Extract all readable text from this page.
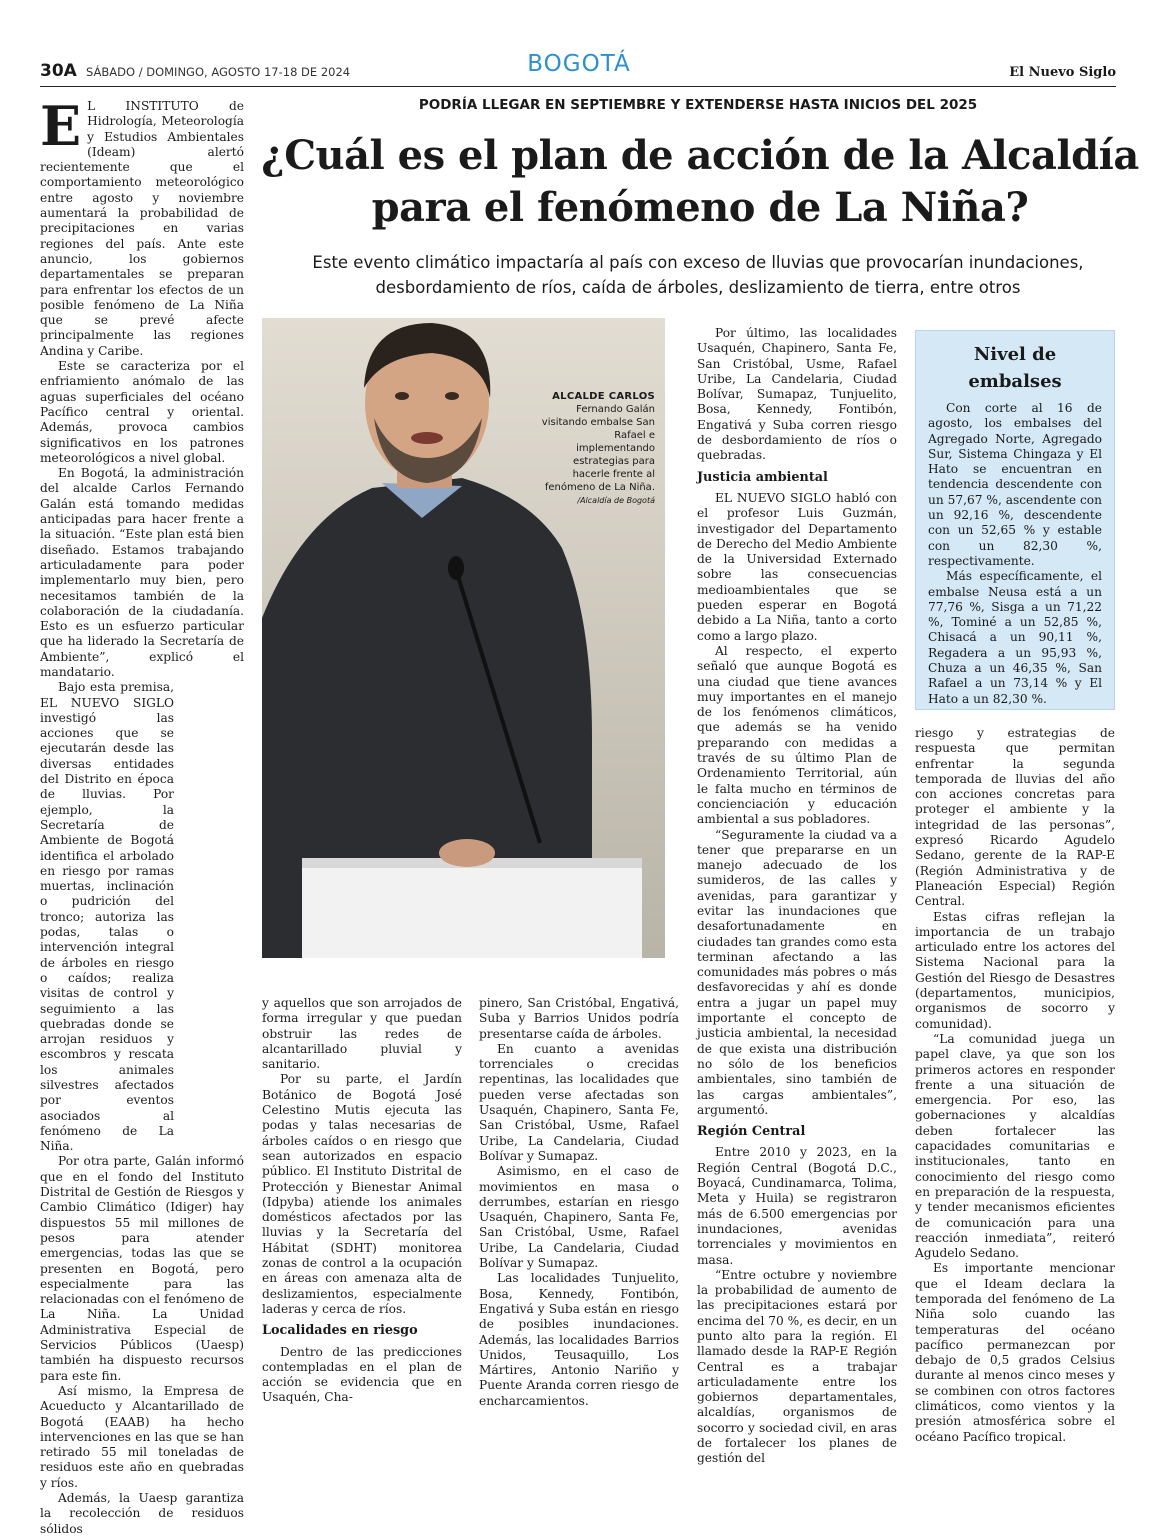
30A SÁBADO / DOMINGO, AGOSTO 17-18 DE 2024	BOGOTÁ	El Nuevo Siglo
PODRÍA LLEGAR EN SEPTIEMBRE Y EXTENDERSE HASTA INICIOS DEL 2025
¿Cuál es el plan de acción de la Alcaldía
para el fenómeno de La Niña?
Este evento climático impactaría al país con exceso de lluvias que provocarían inundaciones,
desbordamiento de ríos, caída de árboles, deslizamiento de tierra, entre otros

E L INSTITUTO de Hidrología, Meteorología y Estudios Ambientales (Ideam) alertó recientemente que el comportamiento meteorológico entre agosto y noviembre aumentará la probabilidad de precipitaciones en varias regiones del país. Ante este anuncio, los gobiernos departamentales se preparan para enfrentar los efectos de un posible fenómeno de La Niña que se prevé afecte principalmente las regiones Andina y Caribe.

Este se caracteriza por el enfriamiento anómalo de las aguas superficiales del océano Pacífico central y oriental. Además, provoca cambios significativos en los patrones meteorológicos a nivel global.

En Bogotá, la administración del alcalde Carlos Fernando Galán está tomando medidas anticipadas para hacer frente a la situación. “Este plan está bien diseñado. Estamos trabajando articuladamente para poder implementarlo muy bien, pero necesitamos también de la colaboración de la ciudadanía. Esto es un esfuerzo particular que ha liderado la Secretaría de Ambiente”, explicó el mandatario.

Bajo esta premisa, EL NUEVO SIGLO investigó las acciones que se ejecutarán desde las diversas entidades del Distrito en época de lluvias. Por ejemplo, la Secretaría de Ambiente de Bogotá identifica el arbolado en riesgo por ramas muertas, inclinación o pudrición del tronco; autoriza las podas, talas o intervención integral de árboles en riesgo o caídos; realiza visitas de control y seguimiento a las quebradas donde se arrojan residuos y escombros y rescata los animales silvestres afectados por eventos asociados al fenómeno de La Niña.

Por otra parte, Galán informó que en el fondo del Instituto Distrital de Gestión de Riesgos y Cambio Climático (Idiger) hay dispuestos 55 mil millones de pesos para atender emergencias, todas las que se presenten en Bogotá, pero especialmente para las relacionadas con el fenómeno de La Niña. La Unidad Administrativa Especial de Servicios Públicos (Uaesp) también ha dispuesto recursos para este fin.

Así mismo, la Empresa de Acueducto y Alcantarillado de Bogotá (EAAB) ha hecho intervenciones en las que se han retirado 55 mil toneladas de residuos este año en quebradas y ríos.

Además, la Uaesp garantiza la recolección de residuos sólidos

ALCALDE CARLOS
Fernando Galán visitando embalse San Rafael e implementando estrategias para hacerle frente al fenómeno de La Niña. /Alcaldía de Bogotá

y aquellos que son arrojados de forma irregular y que puedan obstruir las redes de alcantarillado pluvial y sanitario.

Por su parte, el Jardín Botánico de Bogotá José Celestino Mutis ejecuta las podas y talas necesarias de árboles caídos o en riesgo que sean autorizados en espacio público. El Instituto Distrital de Protección y Bienestar Animal (Idpyba) atiende los animales domésticos afectados por las lluvias y la Secretaría del Hábitat (SDHT) monitorea zonas de control a la ocupación en áreas con amenaza alta de deslizamientos, especialmente laderas y cerca de ríos.

Localidades en riesgo

Dentro de las predicciones contempladas en el plan de acción se evidencia que en Usaquén, Cha-

pinero, San Cristóbal, Engativá, Suba y Barrios Unidos podría presentarse caída de árboles.

En cuanto a avenidas torrenciales o crecidas repentinas, las localidades que pueden verse afectadas son Usaquén, Chapinero, Santa Fe, San Cristóbal, Usme, Rafael Uribe, La Candelaria, Ciudad Bolívar y Sumapaz.

Asimismo, en el caso de movimientos en masa o derrumbes, estarían en riesgo Usaquén, Chapinero, Santa Fe, San Cristóbal, Usme, Rafael Uribe, La Candelaria, Ciudad Bolívar y Sumapaz.

Las localidades Tunjuelito, Bosa, Kennedy, Fontibón, Engativá y Suba están en riesgo de posibles inundaciones. Además, las localidades Barrios Unidos, Teusaquillo, Los Mártires, Antonio Nariño y Puente Aranda corren riesgo de encharcamientos.

Por último, las localidades Usaquén, Chapinero, Santa Fe, San Cristóbal, Usme, Rafael Uribe, La Candelaria, Ciudad Bolívar, Sumapaz, Tunjuelito, Bosa, Kennedy, Fontibón, Engativá y Suba corren riesgo de desbordamiento de ríos o quebradas.

Justicia ambiental

EL NUEVO SIGLO habló con el profesor Luis Guzmán, investigador del Departamento de Derecho del Medio Ambiente de la Universidad Externado sobre las consecuencias medioambientales que se pueden esperar en Bogotá debido a La Niña, tanto a corto como a largo plazo.

Al respecto, el experto señaló que aunque Bogotá es una ciudad que tiene avances muy importantes en el manejo de los fenómenos climáticos, que además se ha venido preparando con medidas a través de su último Plan de Ordenamiento Territorial, aún le falta mucho en términos de concienciación y educación ambiental a sus pobladores.

“Seguramente la ciudad va a tener que prepararse en un manejo adecuado de los sumideros, de las calles y avenidas, para garantizar y evitar las inundaciones que desafortunadamente en ciudades tan grandes como esta terminan afectando a las comunidades más pobres o más desfavorecidas y ahí es donde entra a jugar un papel muy importante el concepto de justicia ambiental, la necesidad de que exista una distribución no sólo de los beneficios ambientales, sino también de las cargas ambientales”, argumentó.

Región Central

Entre 2010 y 2023, en la Región Central (Bogotá D.C., Boyacá, Cundinamarca, Tolima, Meta y Huila) se registraron más de 6.500 emergencias por inundaciones, avenidas torrenciales y movimientos en masa.

“Entre octubre y noviembre la probabilidad de aumento de las precipitaciones estará por encima del 70 %, es decir, en un punto alto para la región. El llamado desde la RAP-E Región Central es a trabajar articuladamente entre los gobiernos departamentales, alcaldías, organismos de socorro y sociedad civil, en aras de fortalecer los planes de gestión del

Nivel de
embalses

Con corte al 16 de agosto, los embalses del Agregado Norte, Agregado Sur, Sistema Chingaza y El Hato se encuentran en tendencia descendente con un 57,67 %, ascendente con un 92,16 %, descendente con un 52,65 % y estable con un 82,30 %, respectivamente.

Más específicamente, el embalse Neusa está a un 77,76 %, Sisga a un 71,22 %, Tominé a un 52,85 %, Chisacá a un 90,11 %, Regadera a un 95,93 %, Chuza a un 46,35 %, San Rafael a un 73,14 % y El Hato a un 82,30 %.

riesgo y estrategias de respuesta que permitan enfrentar la segunda temporada de lluvias del año con acciones concretas para proteger el ambiente y la integridad de las personas”, expresó Ricardo Agudelo Sedano, gerente de la RAP-E (Región Administrativa y de Planeación Especial) Región Central.

Estas cifras reflejan la importancia de un trabajo articulado entre los actores del Sistema Nacional para la Gestión del Riesgo de Desastres (departamentos, municipios, organismos de socorro y comunidad).

“La comunidad juega un papel clave, ya que son los primeros actores en responder frente a una situación de emergencia. Por eso, las gobernaciones y alcaldías deben fortalecer las capacidades comunitarias e institucionales, tanto en conocimiento del riesgo como en preparación de la respuesta, y tender mecanismos eficientes de comunicación para una reacción inmediata”, reiteró Agudelo Sedano.

Es importante mencionar que el Ideam declara la temporada del fenómeno de La Niña solo cuando las temperaturas del océano pacífico permanezcan por debajo de 0,5 grados Celsius durante al menos cinco meses y se combinen con otros factores climáticos, como vientos y la presión atmosférica sobre el océano Pacífico tropical.
